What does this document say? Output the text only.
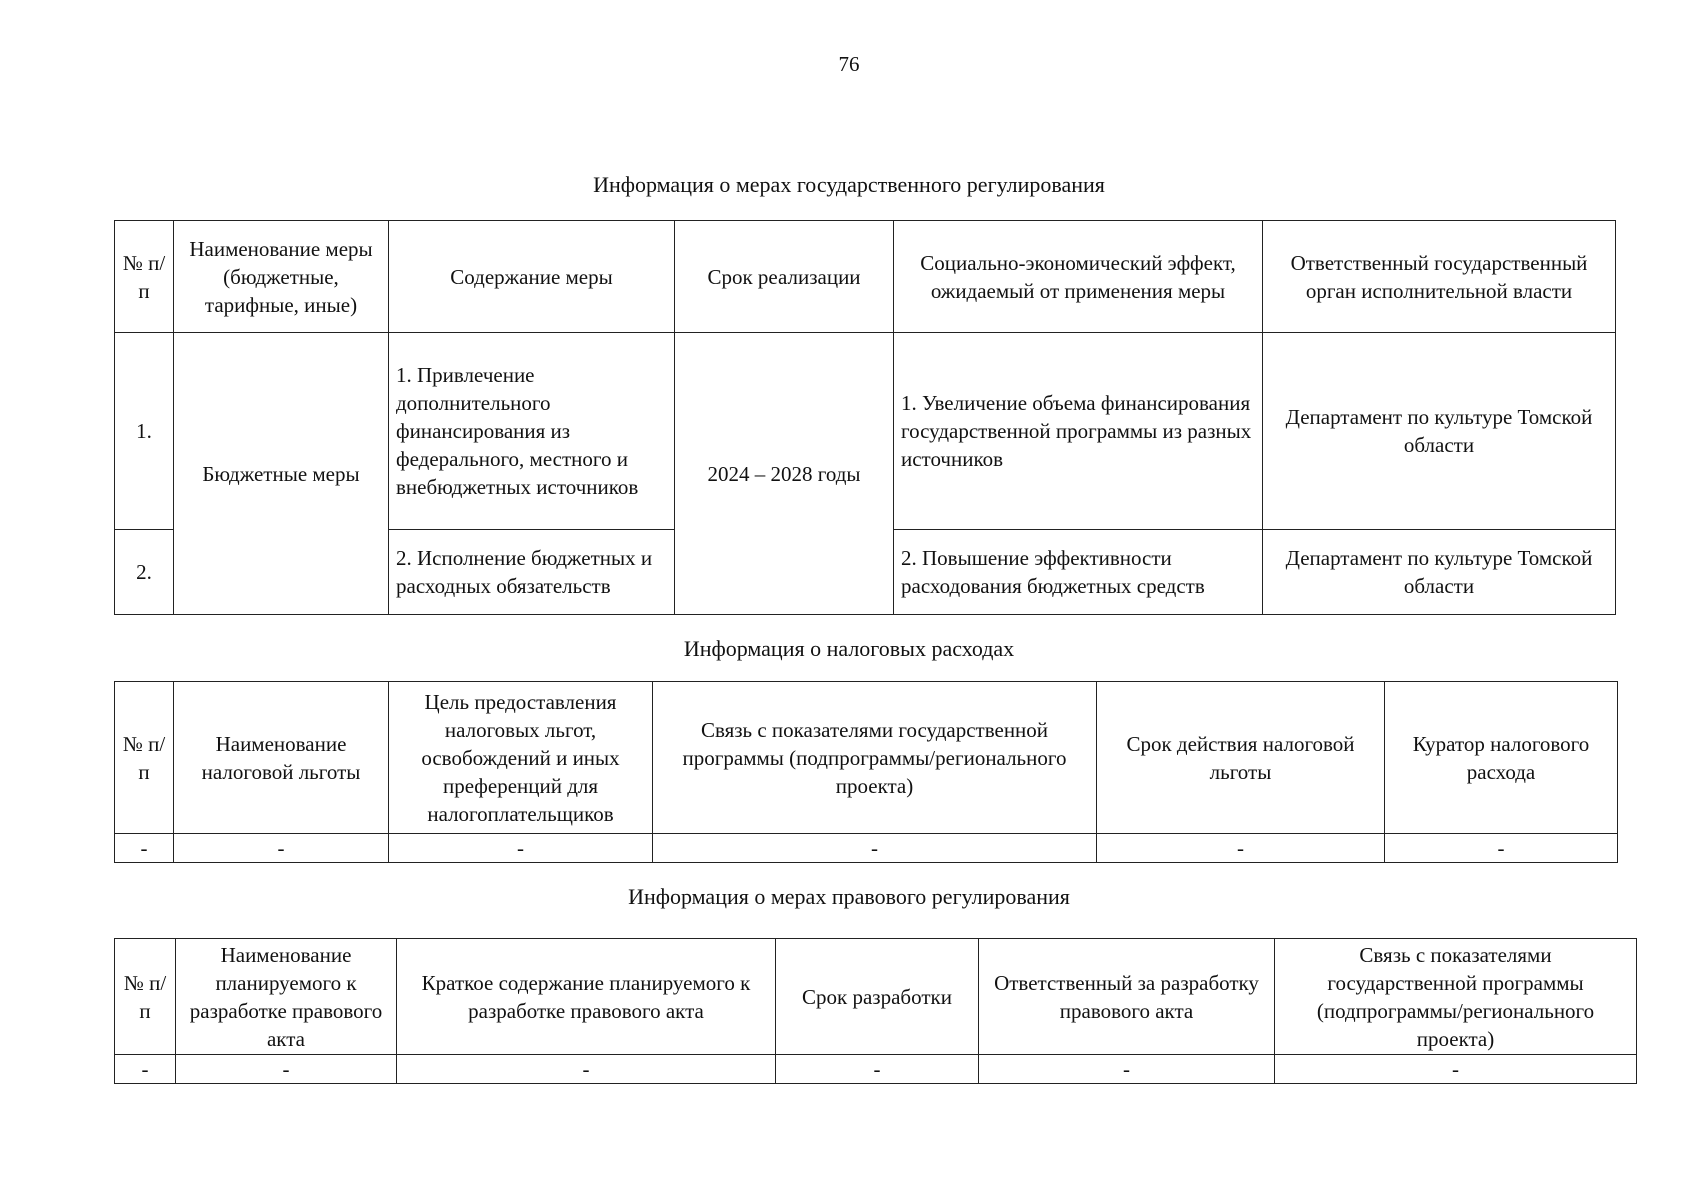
76
Информация о мерах государственного регулирования
№ п/п	Наименование меры (бюджетные, тарифные, иные)	Содержание меры	Срок реализации	Социально-экономический эффект, ожидаемый от применения меры	Ответственный государственный орган исполнительной власти
1.	Бюджетные меры	1. Привлечение дополнительного финансирования из федерального, местного и внебюджетных источников	2024 – 2028 годы	1. Увеличение объема финансирования государственной программы из разных источников	Департамент по культуре Томской области
2.		2. Исполнение бюджетных и расходных обязательств		2. Повышение эффективности расходования бюджетных средств	Департамент по культуре Томской области
Информация о налоговых расходах
№ п/п	Наименование налоговой льготы	Цель предоставления налоговых льгот, освобождений и иных преференций для налогоплательщиков	Связь с показателями государственной программы (подпрограммы/регионального проекта)	Срок действия налоговой льготы	Куратор налогового расхода
-	-	-	-	-	-
Информация о мерах правового регулирования
№ п/п	Наименование планируемого к разработке правового акта	Краткое содержание планируемого к разработке правового акта	Срок разработки	Ответственный за разработку правового акта	Связь с показателями государственной программы (подпрограммы/регионального проекта)
-	-	-	-	-	-
